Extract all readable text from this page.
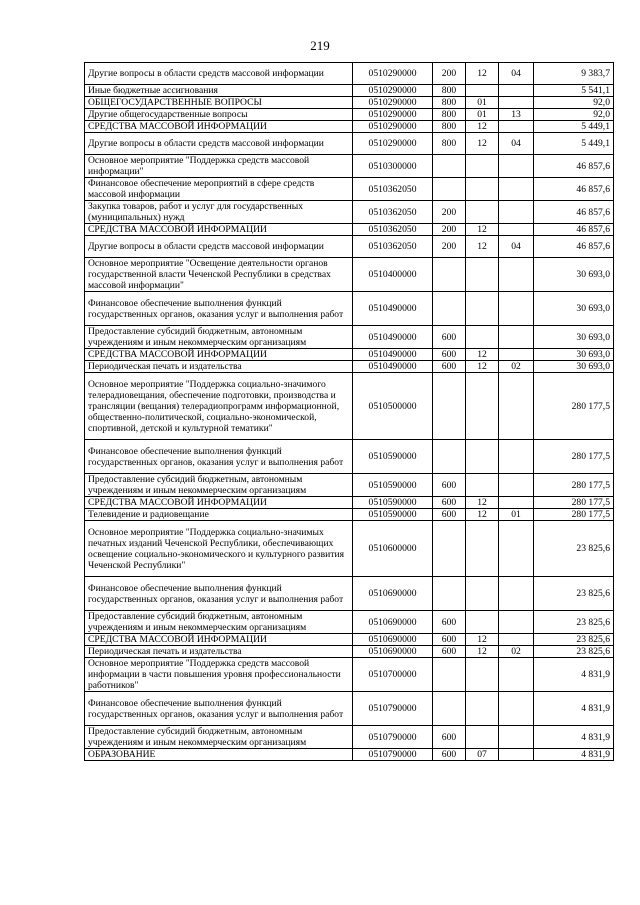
219
Другие вопросы в области средств массовой информации	0510290000	200	12	04	9 383,7
Иные бюджетные ассигнования	0510290000	800			5 541,1
ОБЩЕГОСУДАРСТВЕННЫЕ ВОПРОСЫ	0510290000	800	01		92,0
Другие общегосударственные вопросы	0510290000	800	01	13	92,0
СРЕДСТВА МАССОВОЙ ИНФОРМАЦИИ	0510290000	800	12		5 449,1
Другие вопросы в области средств массовой информации	0510290000	800	12	04	5 449,1
Основное мероприятие "Поддержка средств массовой информации"	0510300000				46 857,6
Финансовое обеспечение мероприятий в сфере средств массовой информации	0510362050				46 857,6
Закупка товаров, работ и услуг для государственных (муниципальных) нужд	0510362050	200			46 857,6
СРЕДСТВА МАССОВОЙ ИНФОРМАЦИИ	0510362050	200	12		46 857,6
Другие вопросы в области средств массовой информации	0510362050	200	12	04	46 857,6
Основное мероприятие "Освещение деятельности органов государственной власти Чеченской Республики в средствах массовой информации"	0510400000				30 693,0
Финансовое обеспечение выполнения функций государственных органов, оказания услуг и выполнения работ	0510490000				30 693,0
Предоставление субсидий бюджетным, автономным учреждениям и иным некоммерческим организациям	0510490000	600			30 693,0
СРЕДСТВА МАССОВОЙ ИНФОРМАЦИИ	0510490000	600	12		30 693,0
Периодическая печать и издательства	0510490000	600	12	02	30 693,0
Основное мероприятие "Поддержка социально-значимого телерадиовещания, обеспечение подготовки, производства и трансляции (вещания) телерадиопрограмм информационной, общественно-политической, социально-экономической, спортивной, детской и культурной тематики"	0510500000				280 177,5
Финансовое обеспечение выполнения функций государственных органов, оказания услуг и выполнения работ	0510590000				280 177,5
Предоставление субсидий бюджетным, автономным учреждениям и иным некоммерческим организациям	0510590000	600			280 177,5
СРЕДСТВА МАССОВОЙ ИНФОРМАЦИИ	0510590000	600	12		280 177,5
Телевидение и радиовещание	0510590000	600	12	01	280 177,5
Основное мероприятие "Поддержка социально-значимых печатных изданий Чеченской Республики, обеспечивающих освещение социально-экономического и культурного развития Чеченской Республики"	0510600000				23 825,6
Финансовое обеспечение выполнения функций государственных органов, оказания услуг и выполнения работ	0510690000				23 825,6
Предоставление субсидий бюджетным, автономным учреждениям и иным некоммерческим организациям	0510690000	600			23 825,6
СРЕДСТВА МАССОВОЙ ИНФОРМАЦИИ	0510690000	600	12		23 825,6
Периодическая печать и издательства	0510690000	600	12	02	23 825,6
Основное мероприятие "Поддержка средств массовой информации в части повышения уровня профессиональности работников"	0510700000				4 831,9
Финансовое обеспечение выполнения функций государственных органов, оказания услуг и выполнения работ	0510790000				4 831,9
Предоставление субсидий бюджетным, автономным учреждениям и иным некоммерческим организациям	0510790000	600			4 831,9
ОБРАЗОВАНИЕ	0510790000	600	07		4 831,9
